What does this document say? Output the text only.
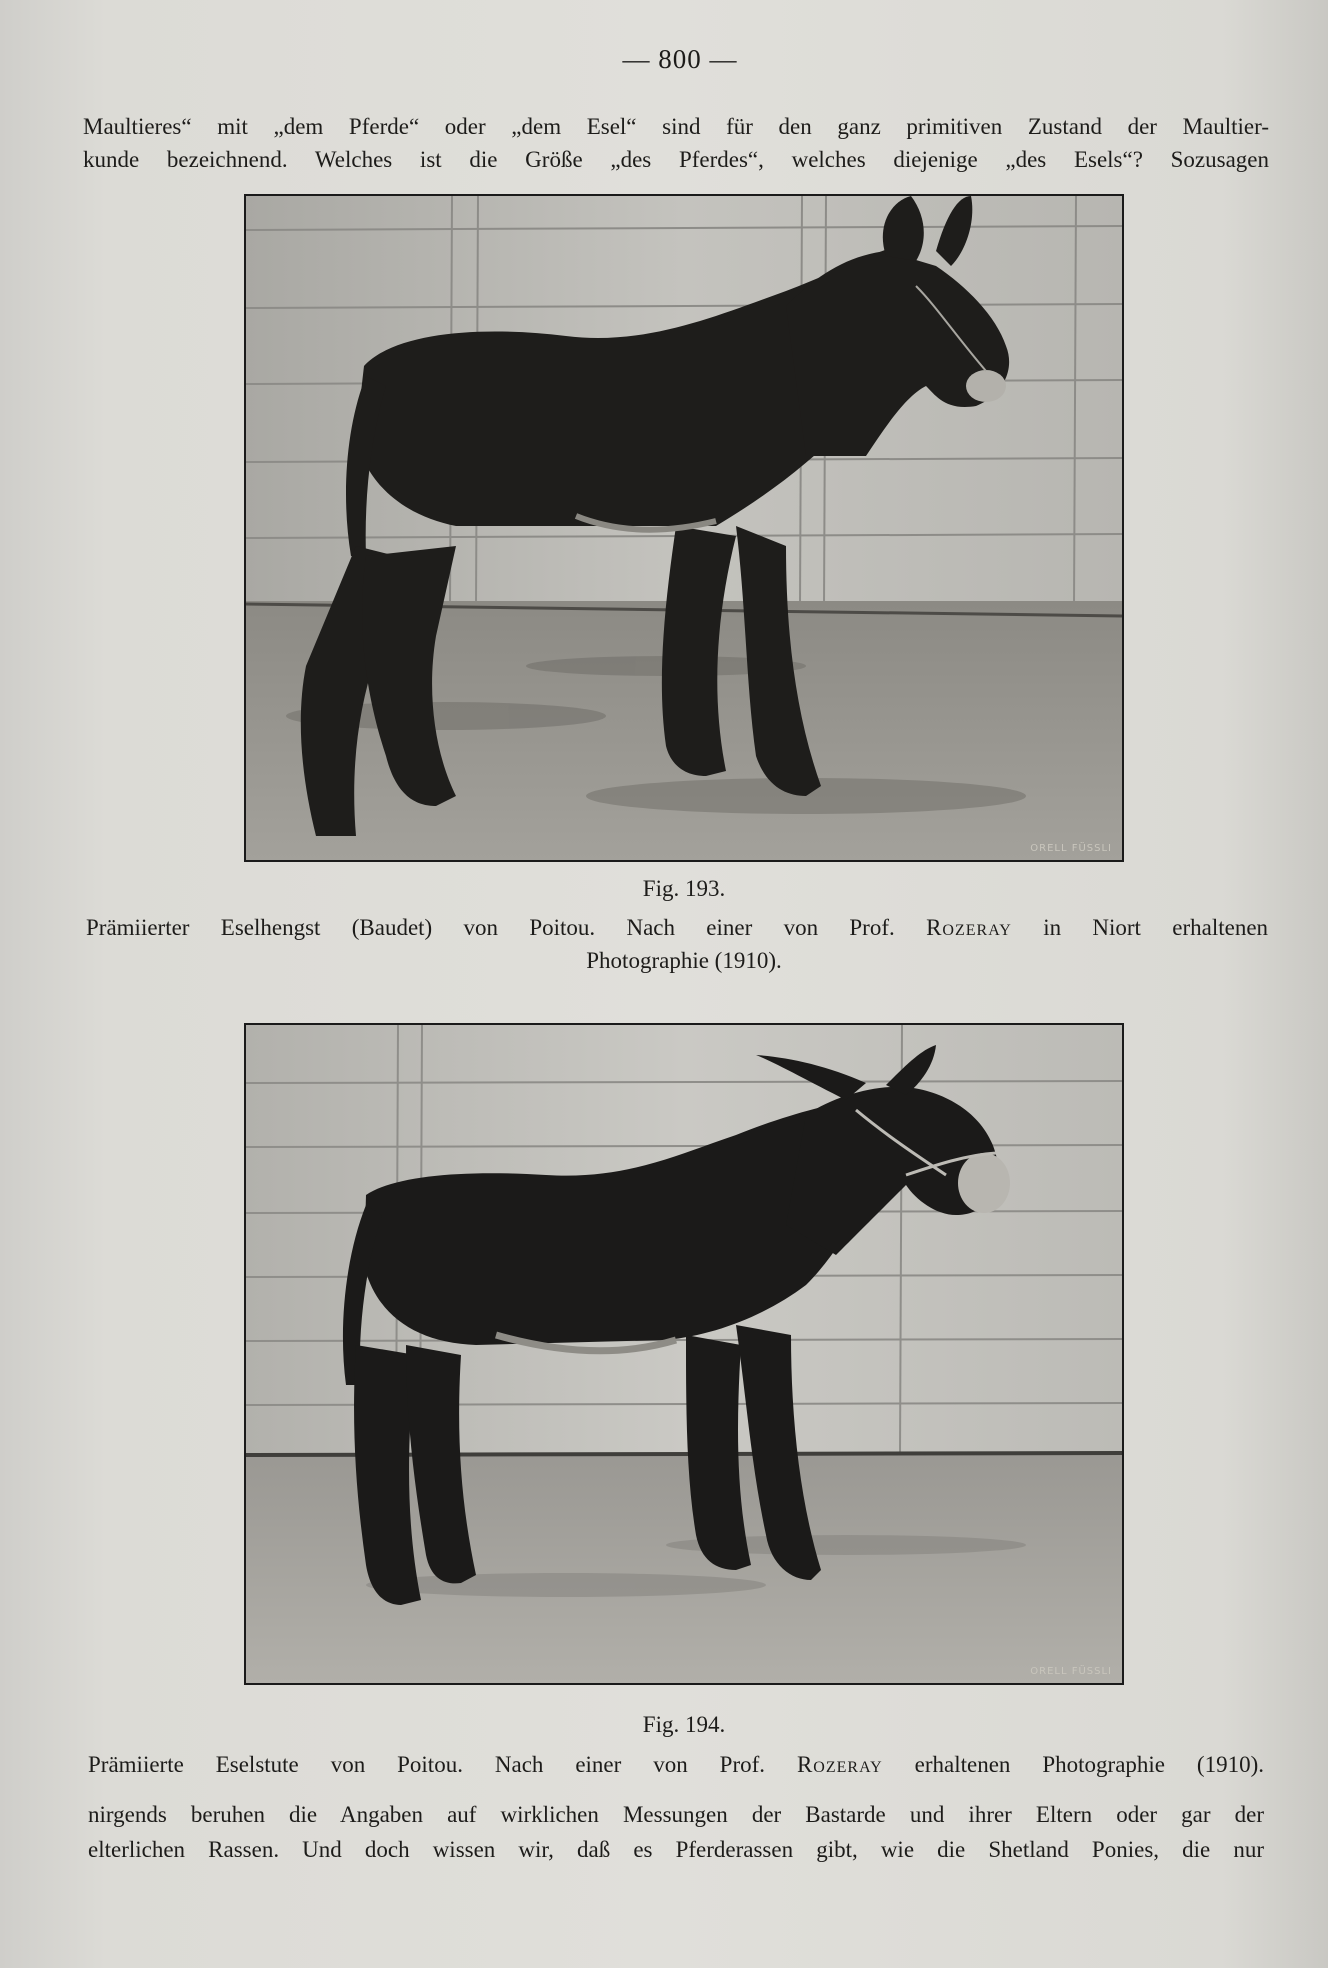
— 800 —
Maultieres“ mit „dem Pferde“ oder „dem Esel“ sind für den ganz primitiven Zustand der Maultier-
kunde bezeichnend. Welches ist die Größe „des Pferdes“, welches diejenige „des Esels“? Sozusagen
ORELL FÜSSLI
Fig. 193.
Prämiierter Eselhengst (Baudet) von Poitou. Nach einer von Prof. Rozeray in Niort erhaltenen
Photographie (1910).
ORELL FÜSSLI
Fig. 194.
Prämiierte Eselstute von Poitou. Nach einer von Prof. Rozeray erhaltenen Photographie (1910).
nirgends beruhen die Angaben auf wirklichen Messungen der Bastarde und ihrer Eltern oder gar der
elterlichen Rassen. Und doch wissen wir, daß es Pferderassen gibt, wie die Shetland Ponies, die nur
